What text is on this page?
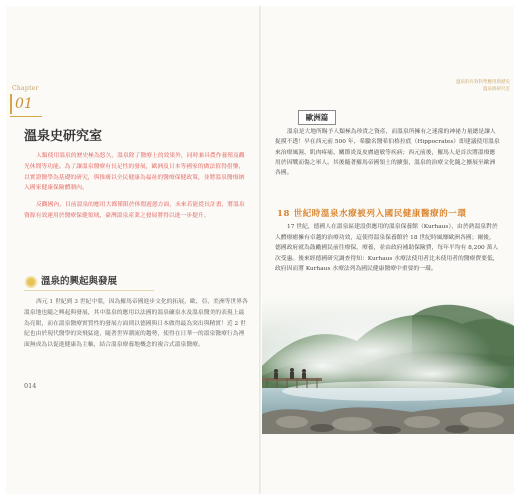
Chapter
01
溫泉史研究室

人類使用溫泉的歷史極為悠久，溫泉除了醫療上的效果外，同時兼具農作養殖及觀光休閒等功能。為了讓溫泉醫療有長足性的發展，歐洲及日本等國家的做法值得借鑒，以實證醫學為基礎的研究，與推廣以全民健康為福祉的醫療保健政策，並將溫泉醫療納入國家健康保險體制內。

反觀國內，目前溫泉的應用大都僅限於休閒遊憩方面，未來若能從長計畫，將溫泉資源有效運用於醫療保健領域，臺灣溫泉產業之發展將得以進一步提升。

溫泉的興起與發展

西元 1 世紀到 3 世紀中葉，因為羅馬帝國進步文化的拓展，歐、亞、美洲等世界各溫泉地也隨之興起與發展，其中溫泉的應用以法國的溫泉礦泉水及溫泉醫美的表現上最為亮眼，而在溫泉醫療實質性的發展方面則以德國與日本做得最為突出與精實！近 2 世紀也由於現代醫學的突飛猛進，隨著世界潮流的趨勢，使得在日華一的溫泉醫療行為裡面無成為以促進健康為主軸，結合溫泉療養地概念的複合式溫泉醫療。

014
溫泉的有效科學應用與歷史
溫泉與研究室
歐洲篇

溫泉是大地所賜予人類極為珍貴之資產，而溫泉所擁有之迷濛的神祕力量總是讓人捉摸不透！早在西元前 500 年，希臘名醫希伯格拉底（Hippocrates）即建議使用溫泉來治療風濕、肌肉疼痛、關節炎及皮膚過敏等疾病；西元前後，羅馬人是首次將溫療應用於因戰而傷之軍人。其後隨著羅馬帝國領土的擴張，溫泉的治療文化隨之擴展至歐洲各國。

18 世紀時溫泉水療被列入國民健康醫療的一環

17 世紀，德國人在溫泉區建設供應用的溫泉保養館（Kurhaus），由於熟溫泉對於人體療癒擁有卓越的治療功效，這使得溫泉保養館於 18 世紀時風靡歐洲各國；爾後，德國政府就為鼓勵國民前往療保，療養，並由政府補助保險費，每年平均有 8,200 萬人次受惠。後來經德國研究調查得知：Kurhaus 水療法使用者比未使用者的醫療費要低，政府因而將 Kurhaus 水療法列為國民健康醫療中重要的一環。
